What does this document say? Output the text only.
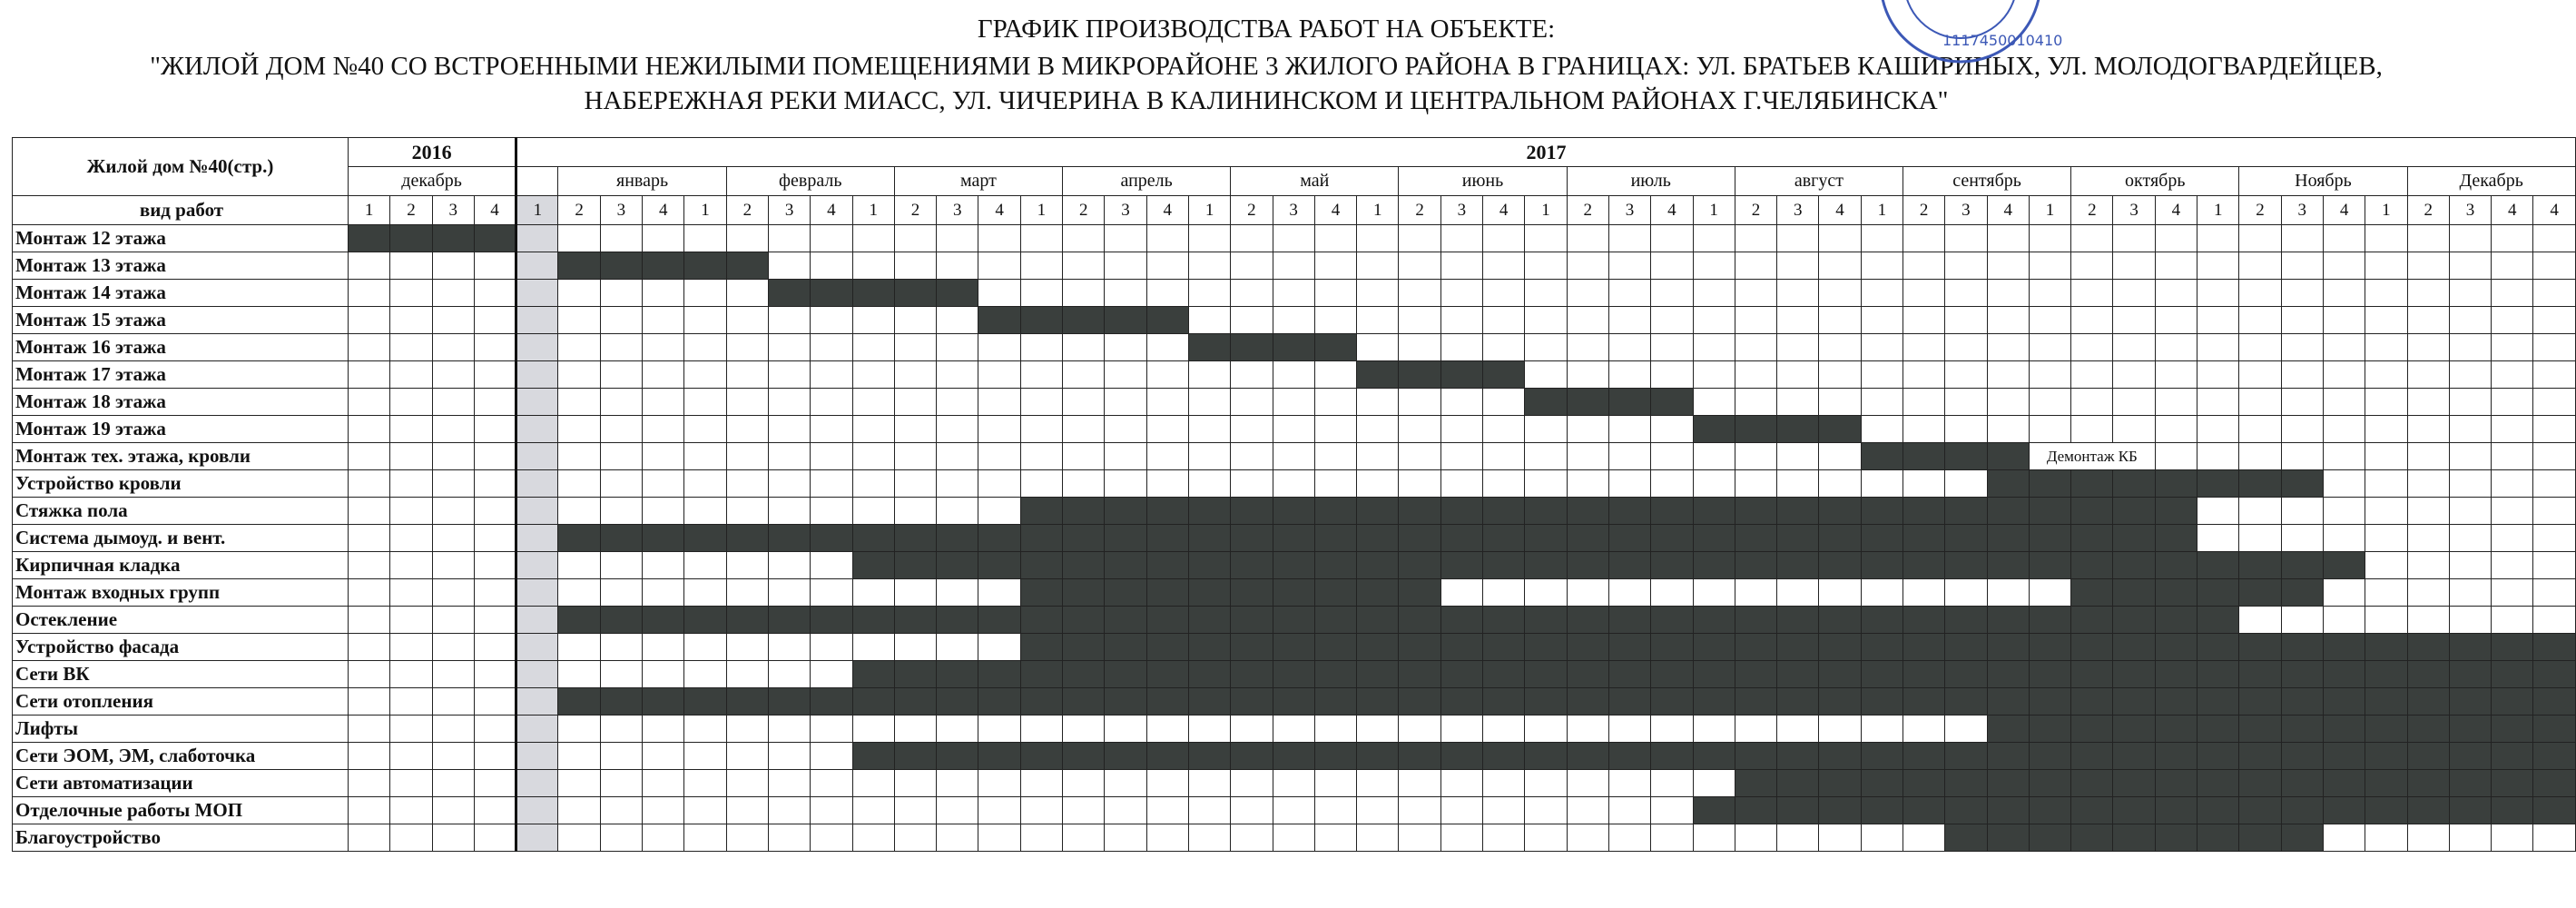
ГРАФИК ПРОИЗВОДСТВА РАБОТ НА ОБЪЕКТЕ:
"ЖИЛОЙ ДОМ №40 СО ВСТРОЕННЫМИ НЕЖИЛЫМИ ПОМЕЩЕНИЯМИ В МИКРОРАЙОНЕ 3 ЖИЛОГО РАЙОНА В ГРАНИЦАХ: УЛ. БРАТЬЕВ КАШИРИНЫХ, УЛ. МОЛОДОГВАРДЕЙЦЕВ,
НАБЕРЕЖНАЯ РЕКИ МИАСС, УЛ. ЧИЧЕРИНА В КАЛИНИНСКОМ И ЦЕНТРАЛЬНОМ РАЙОНАХ Г.ЧЕЛЯБИНСКА"
1117450010410
Жилой дом №40(стр.)	2016				2017																																																
	декабрь					январь				февраль				март				апрель				май				июнь				июль				август				сентябрь				октябрь				Ноябрь				Декабрь			
вид работ	1	2	3	4	1	2	3	4	1	2	3	4	1	2	3	4	1	2	3	4	1	2	3	4	1	2	3	4	1	2	3	4	1	2	3	4	1	2	3	4	1	2	3	4	1	2	3	4	1	2	3	4	4
Монтаж 12 этажа																																																					
Монтаж 13 этажа																																																					
Монтаж 14 этажа																																																					
Монтаж 15 этажа																																																					
Монтаж 16 этажа																																																					
Монтаж 17 этажа																																																					
Монтаж 18 этажа																																																					
Монтаж 19 этажа																																																					
Монтаж тех. этажа, кровли																																									Демонтаж КБ												
Устройство кровли																																																					
Стяжка пола																																																					
Система дымоуд. и вент.																																																					
Кирпичная кладка																																																					
Монтаж входных групп																																																					
Остекление																																																					
Устройство фасада																																																					
Сети ВК																																																					
Сети отопления																																																					
Лифты																																																					
Сети ЭОМ, ЭМ, слаботочка																																																					
Сети автоматизации																																																					
Отделочные работы МОП																																																					
Благоустройство																																																					
